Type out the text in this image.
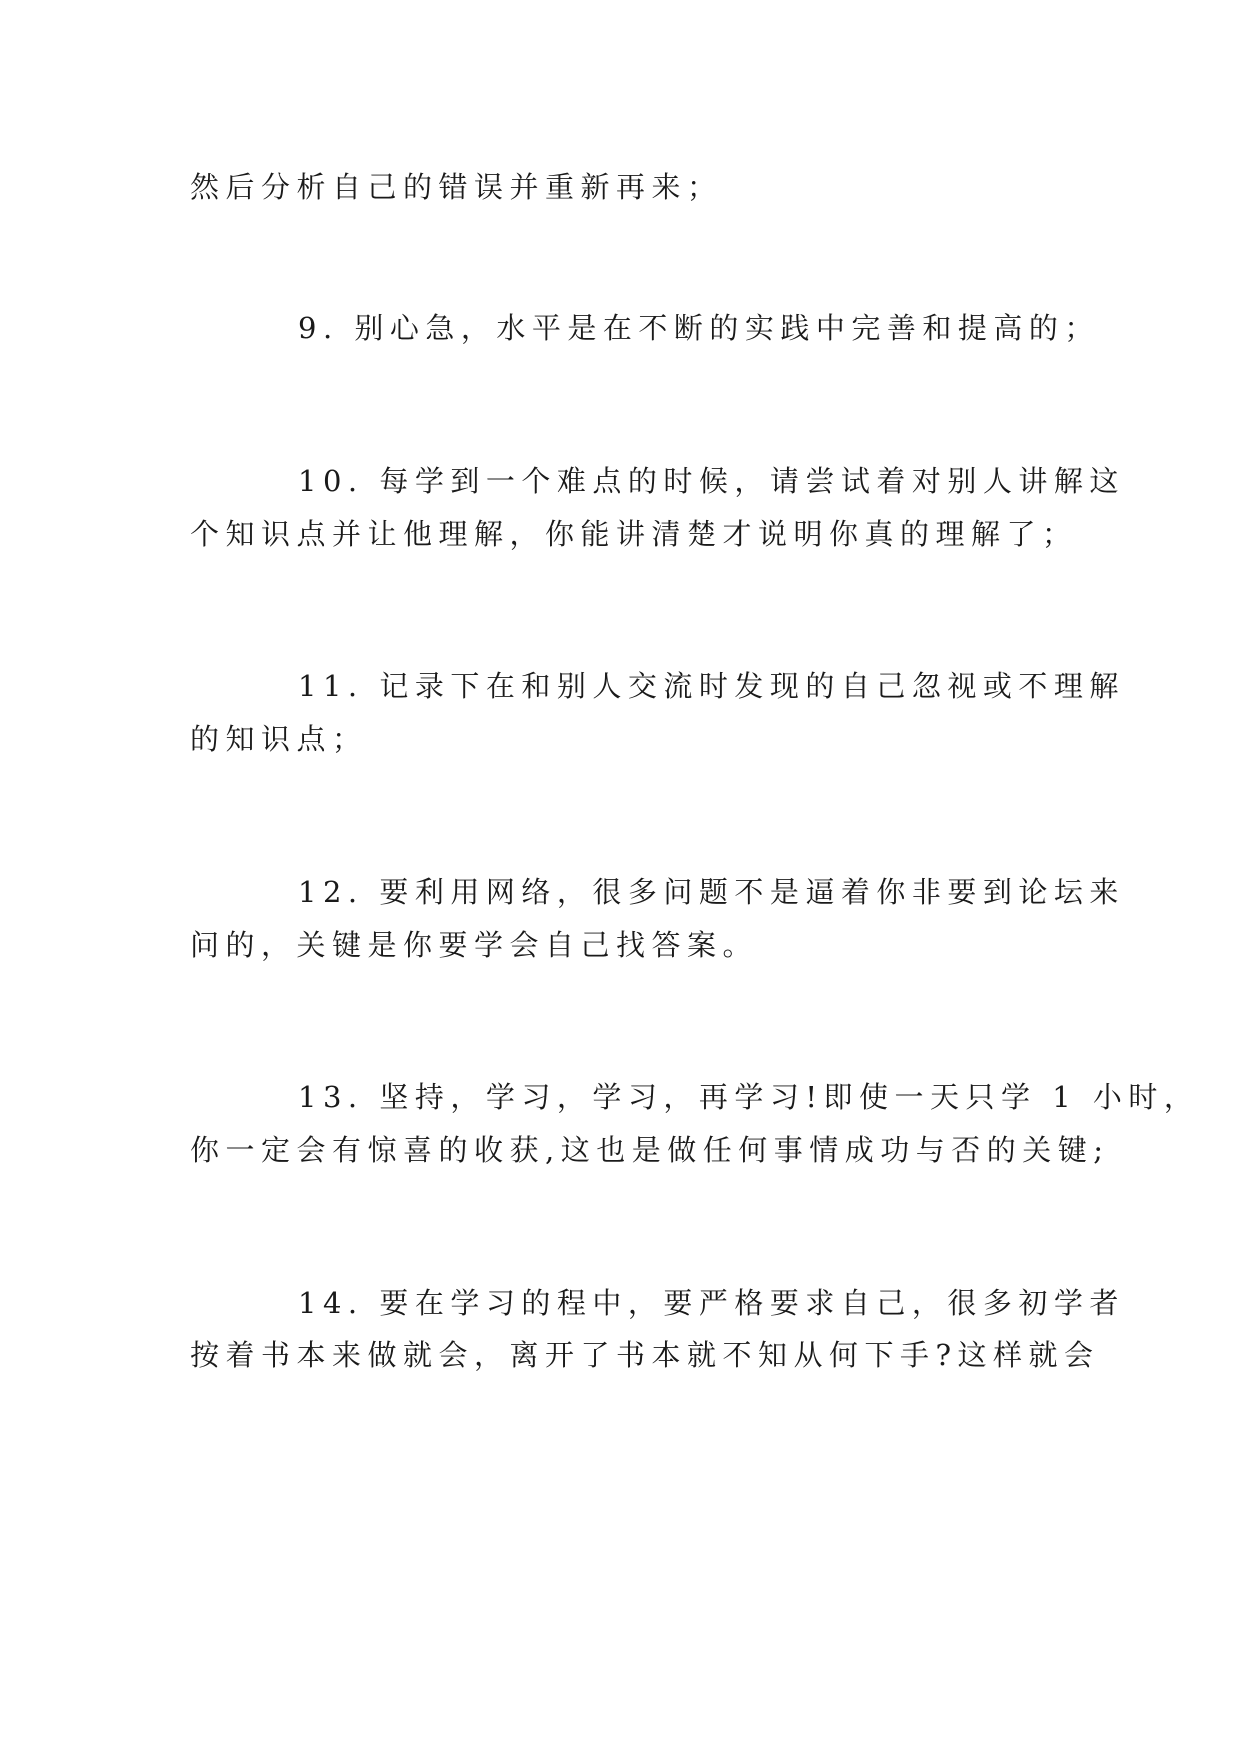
然后分析自己的错误并重新再来；
9. 别心急，水平是在不断的实践中完善和提高的；
10. 每学到一个难点的时候，请尝试着对别人讲解这
个知识点并让他理解，你能讲清楚才说明你真的理解了；
11. 记录下在和别人交流时发现的自己忽视或不理解
的知识点；
12. 要利用网络，很多问题不是逼着你非要到论坛来
问的，关键是你要学会自己找答案。
13. 坚持，学习，学习，再学习!即使一天只学 1 小时，
你一定会有惊喜的收获,这也是做任何事情成功与否的关键;
14. 要在学习的程中，要严格要求自己，很多初学者
按着书本来做就会，离开了书本就不知从何下手?这样就会
